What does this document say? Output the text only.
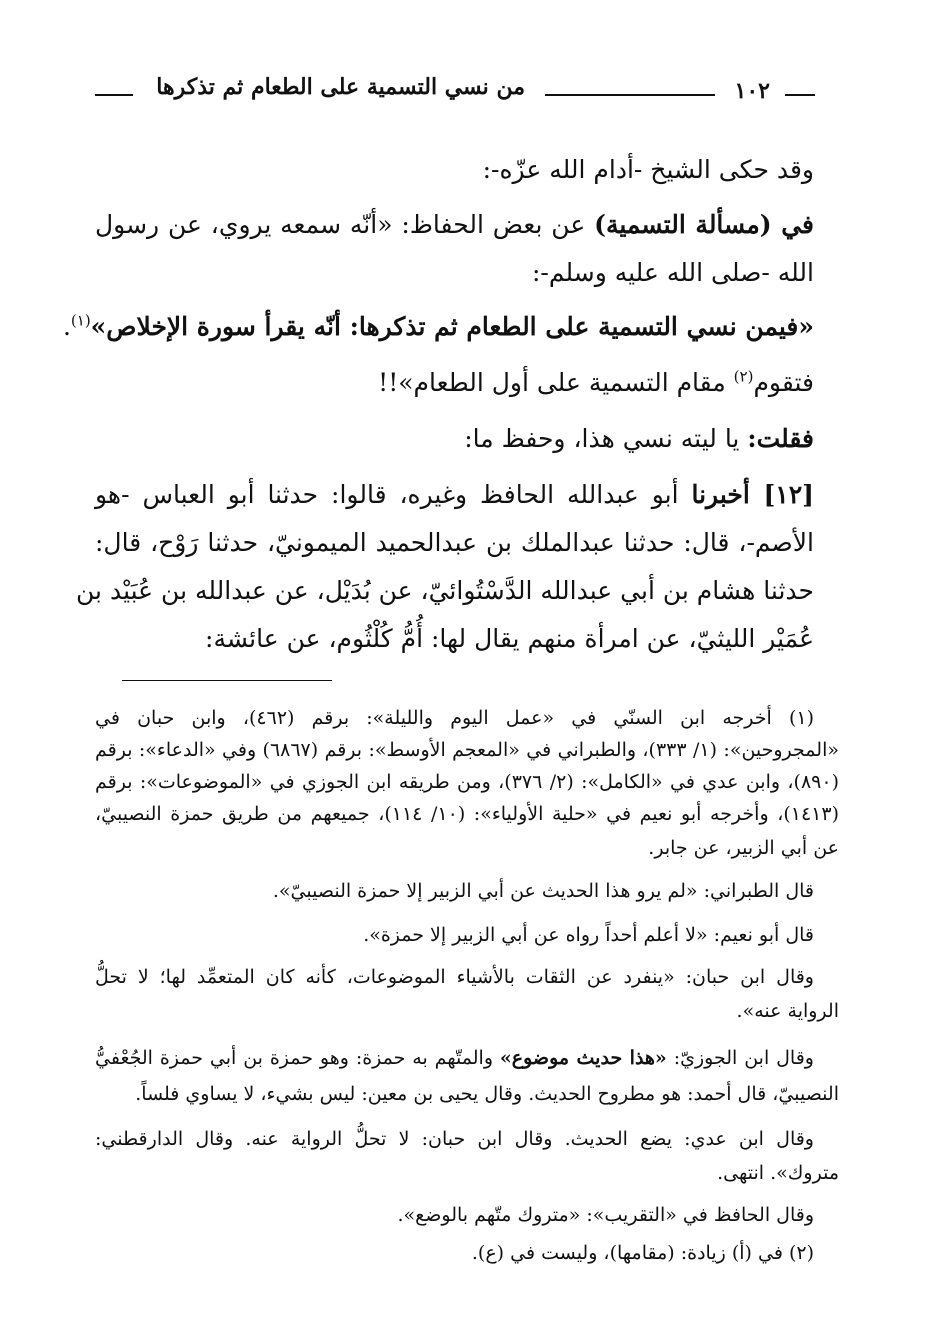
١٠٢
من نسي التسمية على الطعام ثم تذكرها
وقد حكى الشيخ -أدام الله عزّه-:
في (مسألة التسمية) عن بعض الحفاظ: «أنّه سمعه يروي، عن رسول
الله -صلى الله عليه وسلم-:
«فيمن نسي التسمية على الطعام ثم تذكرها: أنّه يقرأ سورة الإخلاص»$^{(١)}$.
فتقوم$^{(٢)}$ مقام التسمية على أول الطعام»!!
فقلت: يا ليته نسي هذا، وحفظ ما:
[١٢] أخبرنا أبو عبدالله الحافظ وغيره، قالوا: حدثنا أبو العباس -هو
الأصم-، قال: حدثنا عبدالملك بن عبدالحميد الميمونيّ، حدثنا رَوْح، قال:
حدثنا هشام بن أبي عبدالله الدَّسْتُوائيّ، عن بُدَيْل، عن عبدالله بن عُبَيْد بن
عُمَيْر الليثيّ، عن امرأة منهم يقال لها: أُمُّ كُلْثُوم، عن عائشة:
(١) أخرجه ابن السنّي في «عمل اليوم والليلة»: برقم (٤٦٢)، وابن حبان في
«المجروحين»: (١/ ٣٣٣)، والطبراني في «المعجم الأوسط»: برقم (٦٨٦٧) وفي «الدعاء»: برقم
(٨٩٠)، وابن عدي في «الكامل»: (٢/ ٣٧٦)، ومن طريقه ابن الجوزي في «الموضوعات»: برقم
(١٤١٣)، وأخرجه أبو نعيم في «حلية الأولياء»: (١٠/ ١١٤)، جميعهم من طريق حمزة النصيبيّ،
عن أبي الزبير، عن جابر.
قال الطبراني: «لم يرو هذا الحديث عن أبي الزبير إلا حمزة النصيبيّ».
قال أبو نعيم: «لا أعلم أحداً رواه عن أبي الزبير إلا حمزة».
وقال ابن حبان: «ينفرد عن الثقات بالأشياء الموضوعات، كأنه كان المتعمِّد لها؛ لا تحلُّ
الرواية عنه».
وقال ابن الجوزيّ: «هذا حديث موضوع» والمتّهم به حمزة: وهو حمزة بن أبي حمزة الجُعْفيُّ
النصيبيّ، قال أحمد: هو مطروح الحديث. وقال يحيى بن معين: ليس بشيء، لا يساوي فلساً.
وقال ابن عدي: يضع الحديث. وقال ابن حبان: لا تحلُّ الرواية عنه. وقال الدارقطني:
متروك». انتهى.
وقال الحافظ في «التقريب»: «متروك متّهم بالوضع».
(٢) في (أ) زيادة: (مقامها)، وليست في (ع).
